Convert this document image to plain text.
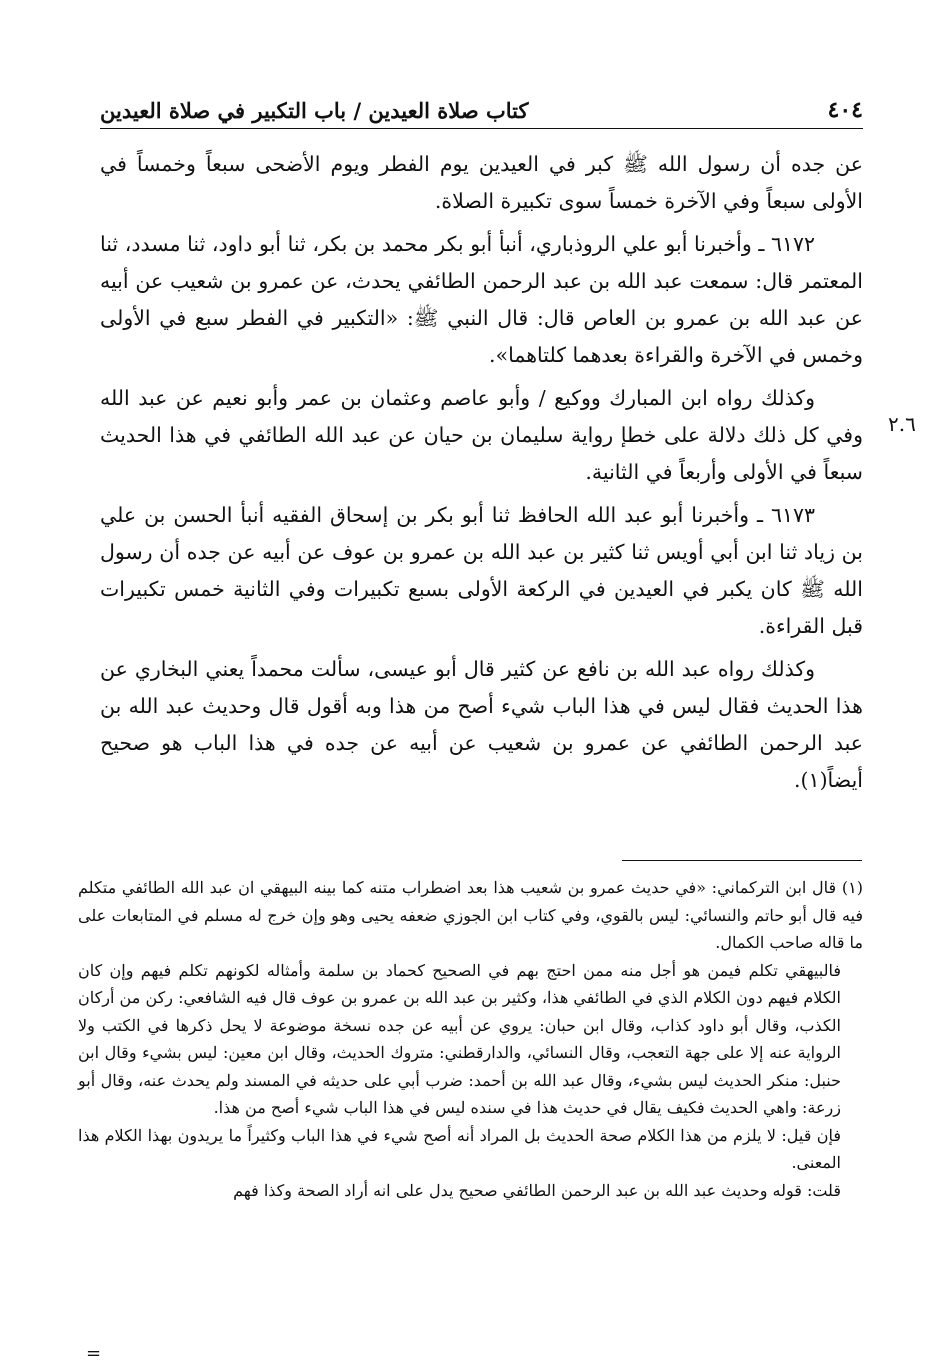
٤٠٤
كتاب صلاة العيدين / باب التكبير في صلاة العيدين
٢.٦

عن جده أن رسول الله ﷺ كبر في العيدين يوم الفطر ويوم الأضحى سبعاً وخمساً في الأولى سبعاً وفي الآخرة خمساً سوى تكبيرة الصلاة.

٦١٧٢ ـ وأخبرنا أبو علي الروذباري، أنبأ أبو بكر محمد بن بكر، ثنا أبو داود، ثنا مسدد، ثنا المعتمر قال: سمعت عبد الله بن عبد الرحمن الطائفي يحدث، عن عمرو بن شعيب عن أبيه عن عبد الله بن عمرو بن العاص قال: قال النبي ﷺ: «التكبير في الفطر سبع في الأولى وخمس في الآخرة والقراءة بعدهما كلتاهما».

وكذلك رواه ابن المبارك ووكيع / وأبو عاصم وعثمان بن عمر وأبو نعيم عن عبد الله وفي كل ذلك دلالة على خطإ رواية سليمان بن حيان عن عبد الله الطائفي في هذا الحديث سبعاً في الأولى وأربعاً في الثانية.

٦١٧٣ ـ وأخبرنا أبو عبد الله الحافظ ثنا أبو بكر بن إسحاق الفقيه أنبأ الحسن بن علي بن زياد ثنا ابن أبي أويس ثنا كثير بن عبد الله بن عمرو بن عوف عن أبيه عن جده أن رسول الله ﷺ كان يكبر في العيدين في الركعة الأولى بسبع تكبيرات وفي الثانية خمس تكبيرات قبل القراءة.

وكذلك رواه عبد الله بن نافع عن كثير قال أبو عيسى، سألت محمداً يعني البخاري عن هذا الحديث فقال ليس في هذا الباب شيء أصح من هذا وبه أقول قال وحديث عبد الله بن عبد الرحمن الطائفي عن عمرو بن شعيب عن أبيه عن جده في هذا الباب هو صحيح أيضاً(١).

(١) قال ابن التركماني: «في حديث عمرو بن شعيب هذا بعد اضطراب متنه كما بينه البيهقي ان عبد الله الطائفي متكلم فيه قال أبو حاتم والنسائي: ليس بالقوي، وفي كتاب ابن الجوزي ضعفه يحيى وهو وإن خرج له مسلم في المتابعات على ما قاله صاحب الكمال.

فالبيهقي تكلم فيمن هو أجل منه ممن احتج بهم في الصحيح كحماد بن سلمة وأمثاله لكونهم تكلم فيهم وإن كان الكلام فيهم دون الكلام الذي في الطائفي هذا، وكثير بن عبد الله بن عمرو بن عوف قال فيه الشافعي: ركن من أركان الكذب، وقال أبو داود كذاب، وقال ابن حبان: يروي عن أبيه عن جده نسخة موضوعة لا يحل ذكرها في الكتب ولا الرواية عنه إلا على جهة التعجب، وقال النسائي، والدارقطني: متروك الحديث، وقال ابن معين: ليس بشيء وقال ابن حنبل: منكر الحديث ليس بشيء، وقال عبد الله بن أحمد: ضرب أبي على حديثه في المسند ولم يحدث عنه، وقال أبو زرعة: واهي الحديث فكيف يقال في حديث هذا في سنده ليس في هذا الباب شيء أصح من هذا.

فإن قيل: لا يلزم من هذا الكلام صحة الحديث بل المراد أنه أصح شيء في هذا الباب وكثيراً ما يريدون بهذا الكلام هذا المعنى.

قلت: قوله وحديث عبد الله بن عبد الرحمن الطائفي صحيح يدل على انه أراد الصحة وكذا فهم

=
